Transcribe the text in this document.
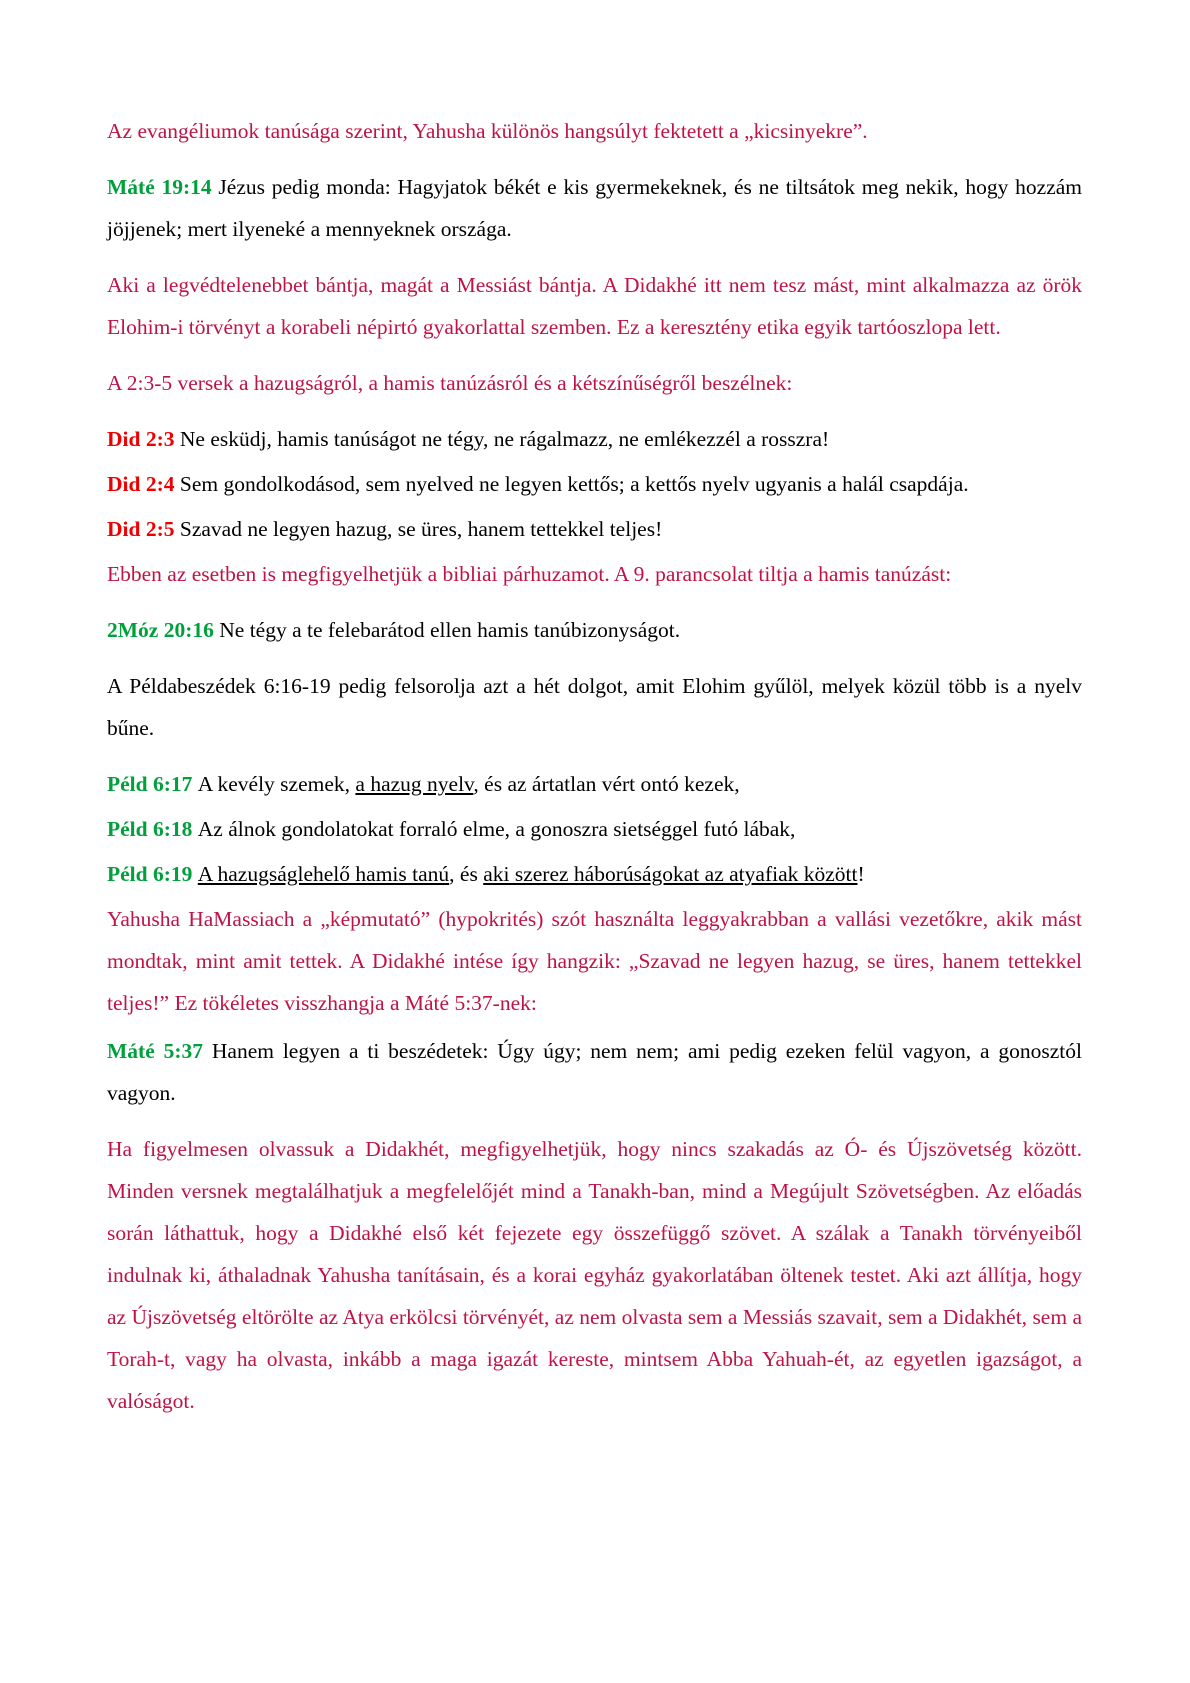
Az evangéliumok tanúsága szerint, Yahusha különös hangsúlyt fektetett a „kicsinyekre”.

Máté 19:14 Jézus pedig monda: Hagyjatok békét e kis gyermekeknek, és ne tiltsátok meg nekik, hogy hozzám jöjjenek; mert ilyeneké a mennyeknek országa.

Aki a legvédtelenebbet bántja, magát a Messiást bántja. A Didakhé itt nem tesz mást, mint alkalmazza az örök Elohim-i törvényt a korabeli népirtó gyakorlattal szemben. Ez a keresztény etika egyik tartóoszlopa lett.

A 2:3-5 versek a hazugságról, a hamis tanúzásról és a kétszínűségről beszélnek:

Did 2:3 Ne esküdj, hamis tanúságot ne tégy, ne rágalmazz, ne emlékezzél a rosszra!

Did 2:4 Sem gondolkodásod, sem nyelved ne legyen kettős; a kettős nyelv ugyanis a halál csapdája.

Did 2:5 Szavad ne legyen hazug, se üres, hanem tettekkel teljes!

Ebben az esetben is megfigyelhetjük a bibliai párhuzamot. A 9. parancsolat tiltja a hamis tanúzást:

2Móz 20:16 Ne tégy a te felebarátod ellen hamis tanúbizonyságot.

A Példabeszédek 6:16-19 pedig felsorolja azt a hét dolgot, amit Elohim gyűlöl, melyek közül több is a nyelv bűne.

Péld 6:17 A kevély szemek, a hazug nyelv, és az ártatlan vért ontó kezek,

Péld 6:18 Az álnok gondolatokat forraló elme, a gonoszra sietséggel futó lábak,

Péld 6:19 A hazugságlehelő hamis tanú, és aki szerez háborúságokat az atyafiak között!

Yahusha HaMassiach a „képmutató” (hypokrités) szót használta leggyakrabban a vallási vezetőkre, akik mást mondtak, mint amit tettek. A Didakhé intése így hangzik: „Szavad ne legyen hazug, se üres, hanem tettekkel teljes!” Ez tökéletes visszhangja a Máté 5:37-nek:

Máté 5:37 Hanem legyen a ti beszédetek: Úgy úgy; nem nem; ami pedig ezeken felül vagyon, a gonosztól vagyon.

Ha figyelmesen olvassuk a Didakhét, megfigyelhetjük, hogy nincs szakadás az Ó- és Újszövetség között. Minden versnek megtalálhatjuk a megfelelőjét mind a Tanakh-ban, mind a Megújult Szövetségben. Az előadás során láthattuk, hogy a Didakhé első két fejezete egy összefüggő szövet. A szálak a Tanakh törvényeiből indulnak ki, áthaladnak Yahusha tanításain, és a korai egyház gyakorlatában öltenek testet. Aki azt állítja, hogy az Újszövetség eltörölte az Atya erkölcsi törvényét, az nem olvasta sem a Messiás szavait, sem a Didakhét, sem a Torah-t, vagy ha olvasta, inkább a maga igazát kereste, mintsem Abba Yahuah-ét, az egyetlen igazságot, a valóságot.
